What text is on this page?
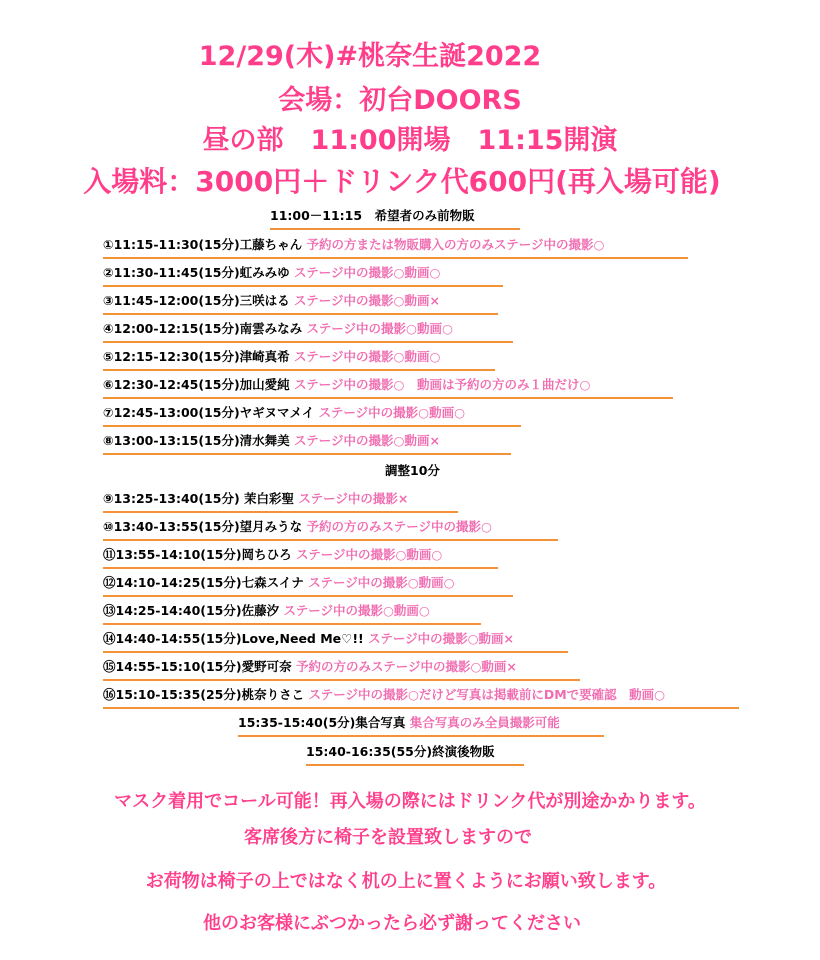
12/29(木)#桃奈生誕2022
会場：初台DOORS
昼の部　11:00開場　11:15開演
入場料：3000円＋ドリンク代600円(再入場可能)
11:00－11:15　希望者のみ前物販
①11:15-11:30(15分)工藤ちゃん 予約の方または物販購入の方のみステージ中の撮影○
②11:30-11:45(15分)虹みみゆ ステージ中の撮影○動画○
③11:45-12:00(15分)三咲はる ステージ中の撮影○動画×
④12:00-12:15(15分)南雲みなみ ステージ中の撮影○動画○
⑤12:15-12:30(15分)津崎真希 ステージ中の撮影○動画○
⑥12:30-12:45(15分)加山愛純 ステージ中の撮影○　動画は予約の方のみ１曲だけ○
⑦12:45-13:00(15分)ヤギヌマメイ ステージ中の撮影○動画○
⑧13:00-13:15(15分)清水舞美 ステージ中の撮影○動画×
調整10分
⑨13:25-13:40(15分) 茉白彩聖 ステージ中の撮影×
⑩13:40-13:55(15分)望月みうな 予約の方のみステージ中の撮影○
⑪13:55-14:10(15分)岡ちひろ ステージ中の撮影○動画○
⑫14:10-14:25(15分)七森スイナ ステージ中の撮影○動画○
⑬14:25-14:40(15分)佐藤汐 ステージ中の撮影○動画○
⑭14:40-14:55(15分)Love,Need Me♡!! ステージ中の撮影○動画×
⑮14:55-15:10(15分)愛野可奈 予約の方のみステージ中の撮影○動画×
⑯15:10-15:35(25分)桃奈りさこ ステージ中の撮影○だけど写真は掲載前にDMで要確認　動画○
15:35-15:40(5分)集合写真 集合写真のみ全員撮影可能
15:40-16:35(55分)終演後物販
マスク着用でコール可能！再入場の際にはドリンク代が別途かかります。
客席後方に椅子を設置致しますので
お荷物は椅子の上ではなく机の上に置くようにお願い致します。
他のお客様にぶつかったら必ず謝ってください
